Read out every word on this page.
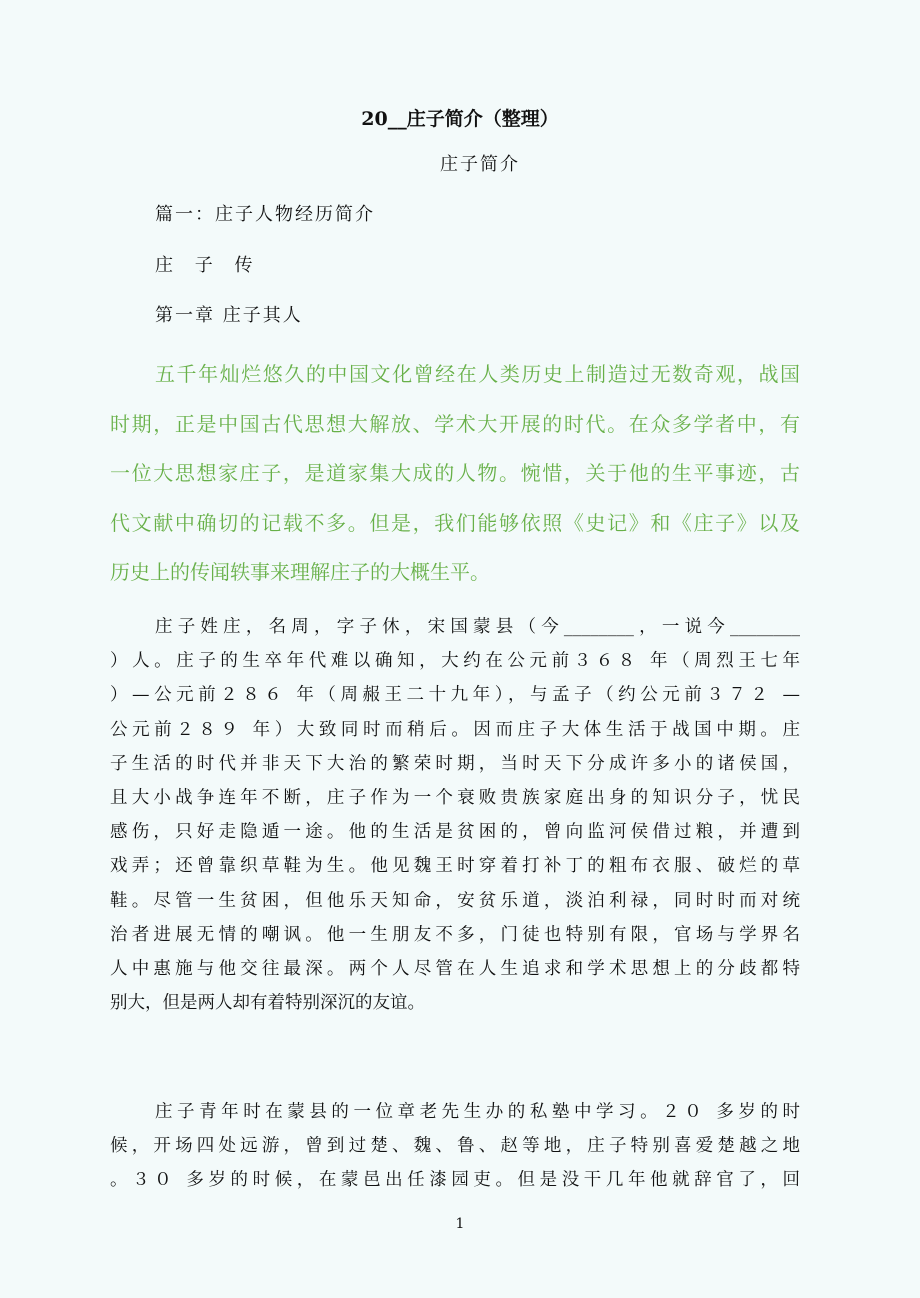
20__庄子简介（整理）
庄子简介
篇一：庄子人物经历简介
庄 子 传
第一章 庄子其人
五千年灿烂悠久的中国文化曾经在人类历史上制造过无数奇观，战国
时期，正是中国古代思想大解放、学术大开展的时代。在众多学者中，有
一位大思想家庄子，是道家集大成的人物。惋惜，关于他的生平事迹，古
代文献中确切的记载不多。但是，我们能够依照《史记》和《庄子》以及
历史上的传闻轶事来理解庄子的大概生平。
庄子姓庄，名周，字子休，宋国蒙县（今________，一说今________
）人。庄子的生卒年代难以确知，大约在公元前３６８ 年（周烈王七年
）—公元前２８６ 年（周赧王二十九年），与孟子（约公元前３７２ —
公元前２８９ 年）大致同时而稍后。因而庄子大体生活于战国中期。庄
子生活的时代并非天下大治的繁荣时期，当时天下分成许多小的诸侯国，
且大小战争连年不断，庄子作为一个衰败贵族家庭出身的知识分子，忧民
感伤，只好走隐遁一途。他的生活是贫困的，曾向监河侯借过粮，并遭到
戏弄；还曾靠织草鞋为生。他见魏王时穿着打补丁的粗布衣服、破烂的草
鞋。尽管一生贫困，但他乐天知命，安贫乐道，淡泊利禄，同时时而对统
治者进展无情的嘲讽。他一生朋友不多，门徒也特别有限，官场与学界名
人中惠施与他交往最深。两个人尽管在人生追求和学术思想上的分歧都特
别大，但是两人却有着特别深沉的友谊。
庄子青年时在蒙县的一位章老先生办的私塾中学习。２０ 多岁的时
候，开场四处远游，曾到过楚、魏、鲁、赵等地，庄子特别喜爱楚越之地
。３０ 多岁的时候，在蒙邑出任漆园吏。但是没干几年他就辞官了，回
1
